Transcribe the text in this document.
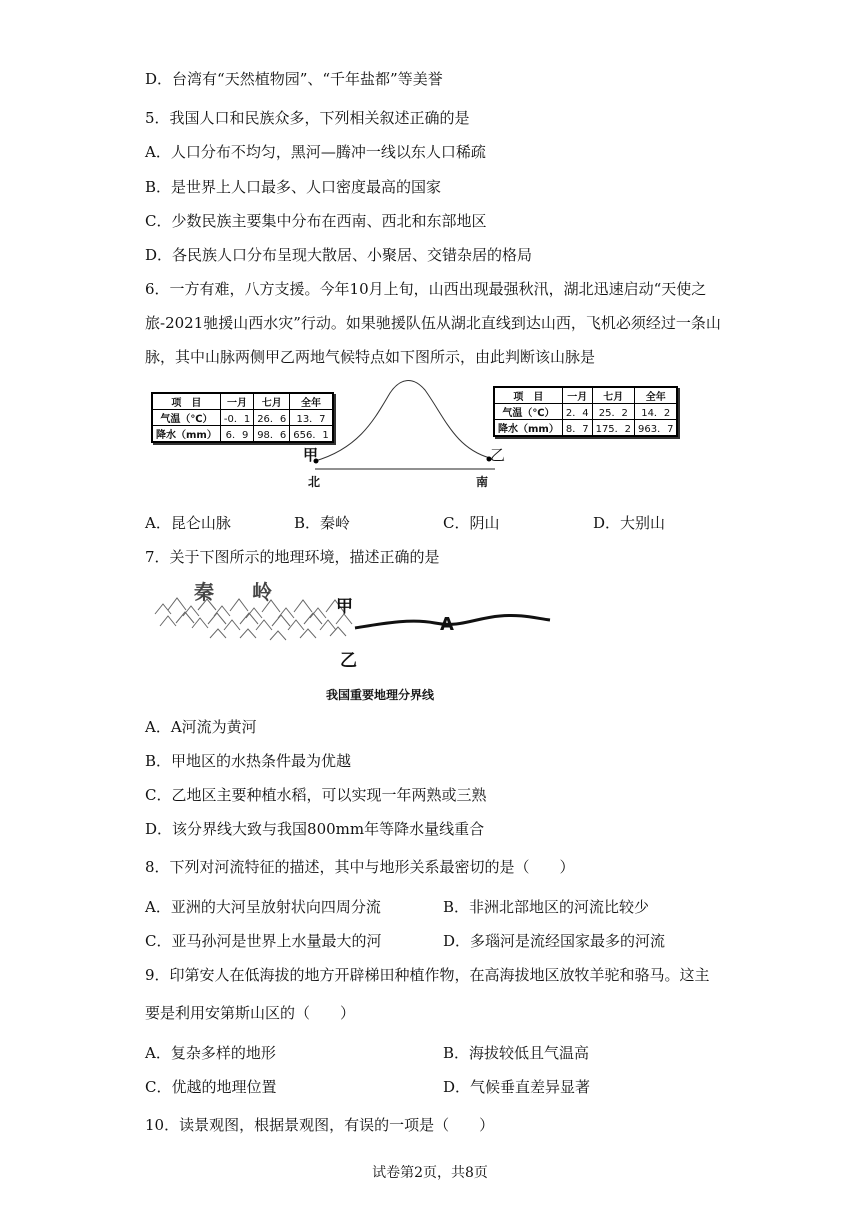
D．台湾有“天然植物园”、“千年盐都”等美誉
5．我国人口和民族众多，下列相关叙述正确的是
A．人口分布不均匀，黑河—腾冲一线以东人口稀疏
B．是世界上人口最多、人口密度最高的国家
C．少数民族主要集中分布在西南、西北和东部地区
D．各民族人口分布呈现大散居、小聚居、交错杂居的格局
6．一方有难，八方支援。今年10月上旬，山西出现最强秋汛，湖北迅速启动“天使之
旅-2021驰援山西水灾”行动。如果驰援队伍从湖北直线到达山西，飞机必须经过一条山
脉，其中山脉两侧甲乙两地气候特点如下图所示，由此判断该山脉是
项　目	一月	七月	全年
气温（℃）	-0．1	26．6	13．7
降水（mm）	6．9	98．6	656．1
项　目	一月	七月	全年
气温（℃）	2．4	25．2	14．2
降水（mm）	8．7	175．2	963．7
甲	乙
北	南
A．昆仑山脉	B．秦岭	C．阴山	D．大别山
7．关于下图所示的地理环境，描述正确的是
秦 岭
甲
乙
A
我国重要地理分界线
A．A河流为黄河
B．甲地区的水热条件最为优越
C．乙地区主要种植水稻，可以实现一年两熟或三熟
D．该分界线大致与我国800mm年等降水量线重合
8．下列对河流特征的描述，其中与地形关系最密切的是（　　）
A．亚洲的大河呈放射状向四周分流	B．非洲北部地区的河流比较少
C．亚马孙河是世界上水量最大的河	D．多瑙河是流经国家最多的河流
9．印第安人在低海拔的地方开辟梯田种植作物，在高海拔地区放牧羊驼和骆马。这主
要是利用安第斯山区的（　　）
A．复杂多样的地形	B．海拔较低且气温高
C．优越的地理位置	D．气候垂直差异显著
10．读景观图，根据景观图，有误的一项是（　　）
试卷第2页，共8页
